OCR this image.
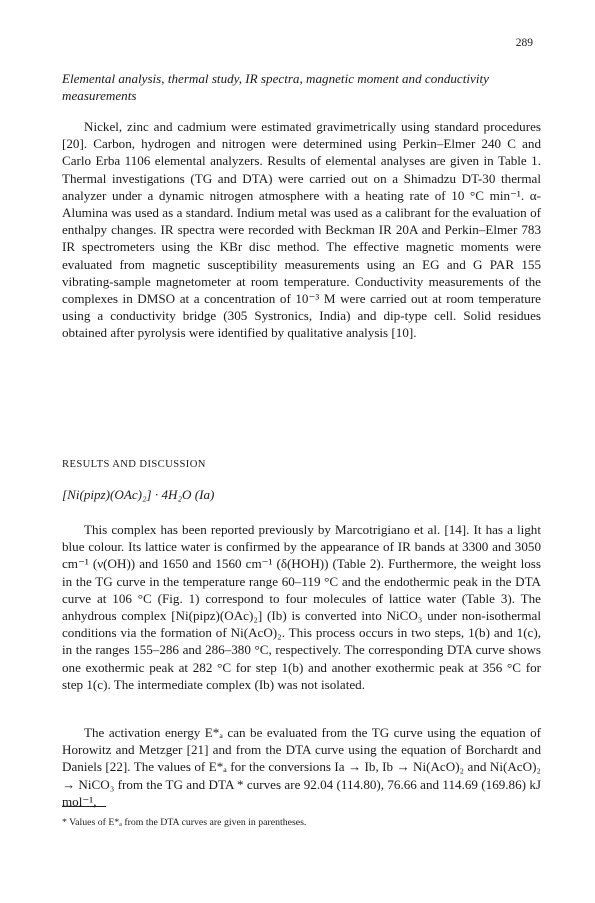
289
Elemental analysis, thermal study, IR spectra, magnetic moment and conductivity measurements

Nickel, zinc and cadmium were estimated gravimetrically using standard procedures [20]. Carbon, hydrogen and nitrogen were determined using Perkin–Elmer 240 C and Carlo Erba 1106 elemental analyzers. Results of elemental analyses are given in Table 1. Thermal investigations (TG and DTA) were carried out on a Shimadzu DT-30 thermal analyzer under a dynamic nitrogen atmosphere with a heating rate of 10 °C min⁻¹. α-Alumina was used as a standard. Indium metal was used as a calibrant for the evaluation of enthalpy changes. IR spectra were recorded with Beckman IR 20A and Perkin–Elmer 783 IR spectrometers using the KBr disc method. The effective magnetic moments were evaluated from magnetic susceptibility measurements using an EG and G PAR 155 vibrating-sample magnetometer at room temperature. Conductivity measurements of the complexes in DMSO at a concentration of 10⁻³ M were carried out at room temperature using a conductivity bridge (305 Systronics, India) and dip-type cell. Solid residues obtained after pyrolysis were identified by qualitative analysis [10].

RESULTS AND DISCUSSION
[Ni(pipz)(OAc)₂] · 4H₂O (Ia)

This complex has been reported previously by Marcotrigiano et al. [14]. It has a light blue colour. Its lattice water is confirmed by the appearance of IR bands at 3300 and 3050 cm⁻¹ (ν(OH)) and 1650 and 1560 cm⁻¹ (δ(HOH)) (Table 2). Furthermore, the weight loss in the TG curve in the temperature range 60–119 °C and the endothermic peak in the DTA curve at 106 °C (Fig. 1) correspond to four molecules of lattice water (Table 3). The anhydrous complex [Ni(pipz)(OAc)₂] (Ib) is converted into NiCO₃ under non-isothermal conditions via the formation of Ni(AcO)₂. This process occurs in two steps, 1(b) and 1(c), in the ranges 155–286 and 286–380 °C, respectively. The corresponding DTA curve shows one exothermic peak at 282 °C for step 1(b) and another exothermic peak at 356 °C for step 1(c). The intermediate complex (Ib) was not isolated.

The activation energy E*ₐ can be evaluated from the TG curve using the equation of Horowitz and Metzger [21] and from the DTA curve using the equation of Borchardt and Daniels [22]. The values of E*ₐ for the conversions Ia → Ib, Ib → Ni(AcO)₂ and Ni(AcO)₂ → NiCO₃ from the TG and DTA * curves are 92.04 (114.80), 76.66 and 114.69 (169.86) kJ mol⁻¹,

* Values of E*ₐ from the DTA curves are given in parentheses.
